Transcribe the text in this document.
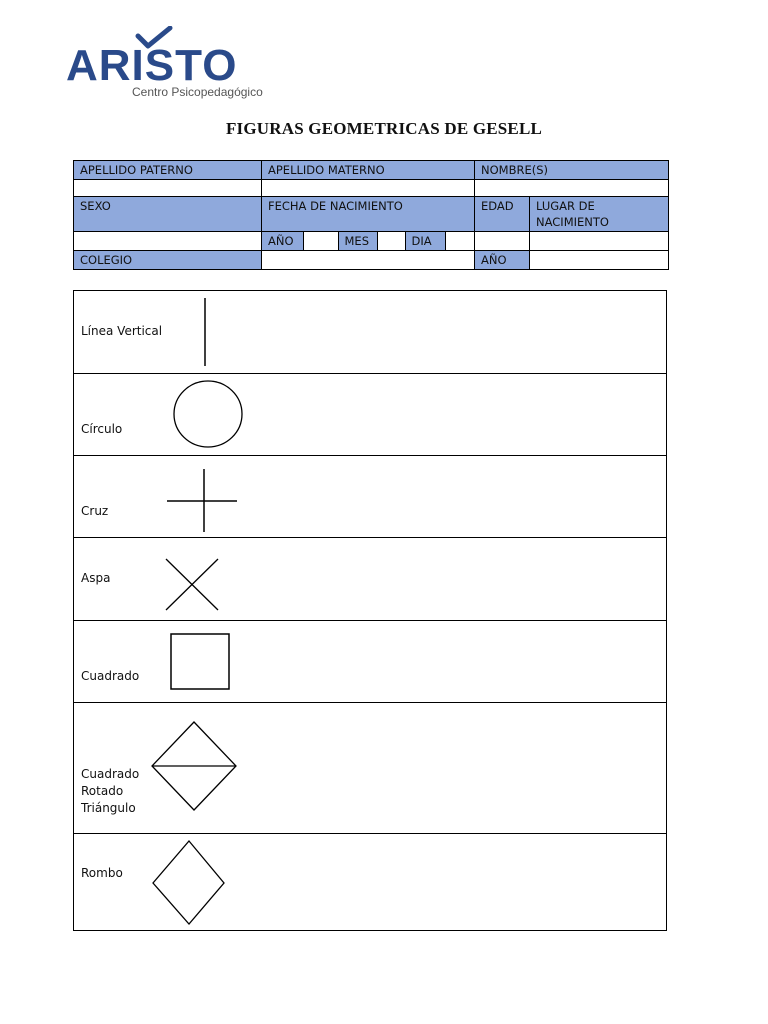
ARISTO
Centro Psicopedagógico
FIGURAS GEOMETRICAS DE GESELL
APELLIDO PATERNO	APELLIDO MATERNO	NOMBRE(S)

SEXO	FECHA DE NACIMIENTO	EDAD	LUGAR DE NACIMIENTO

AÑO		MES		DIA	

COLEGIO		AÑO	
Línea Vertical
Círculo
Cruz
Aspa
Cuadrado
Cuadrado
Rotado
Triángulo
Rombo
